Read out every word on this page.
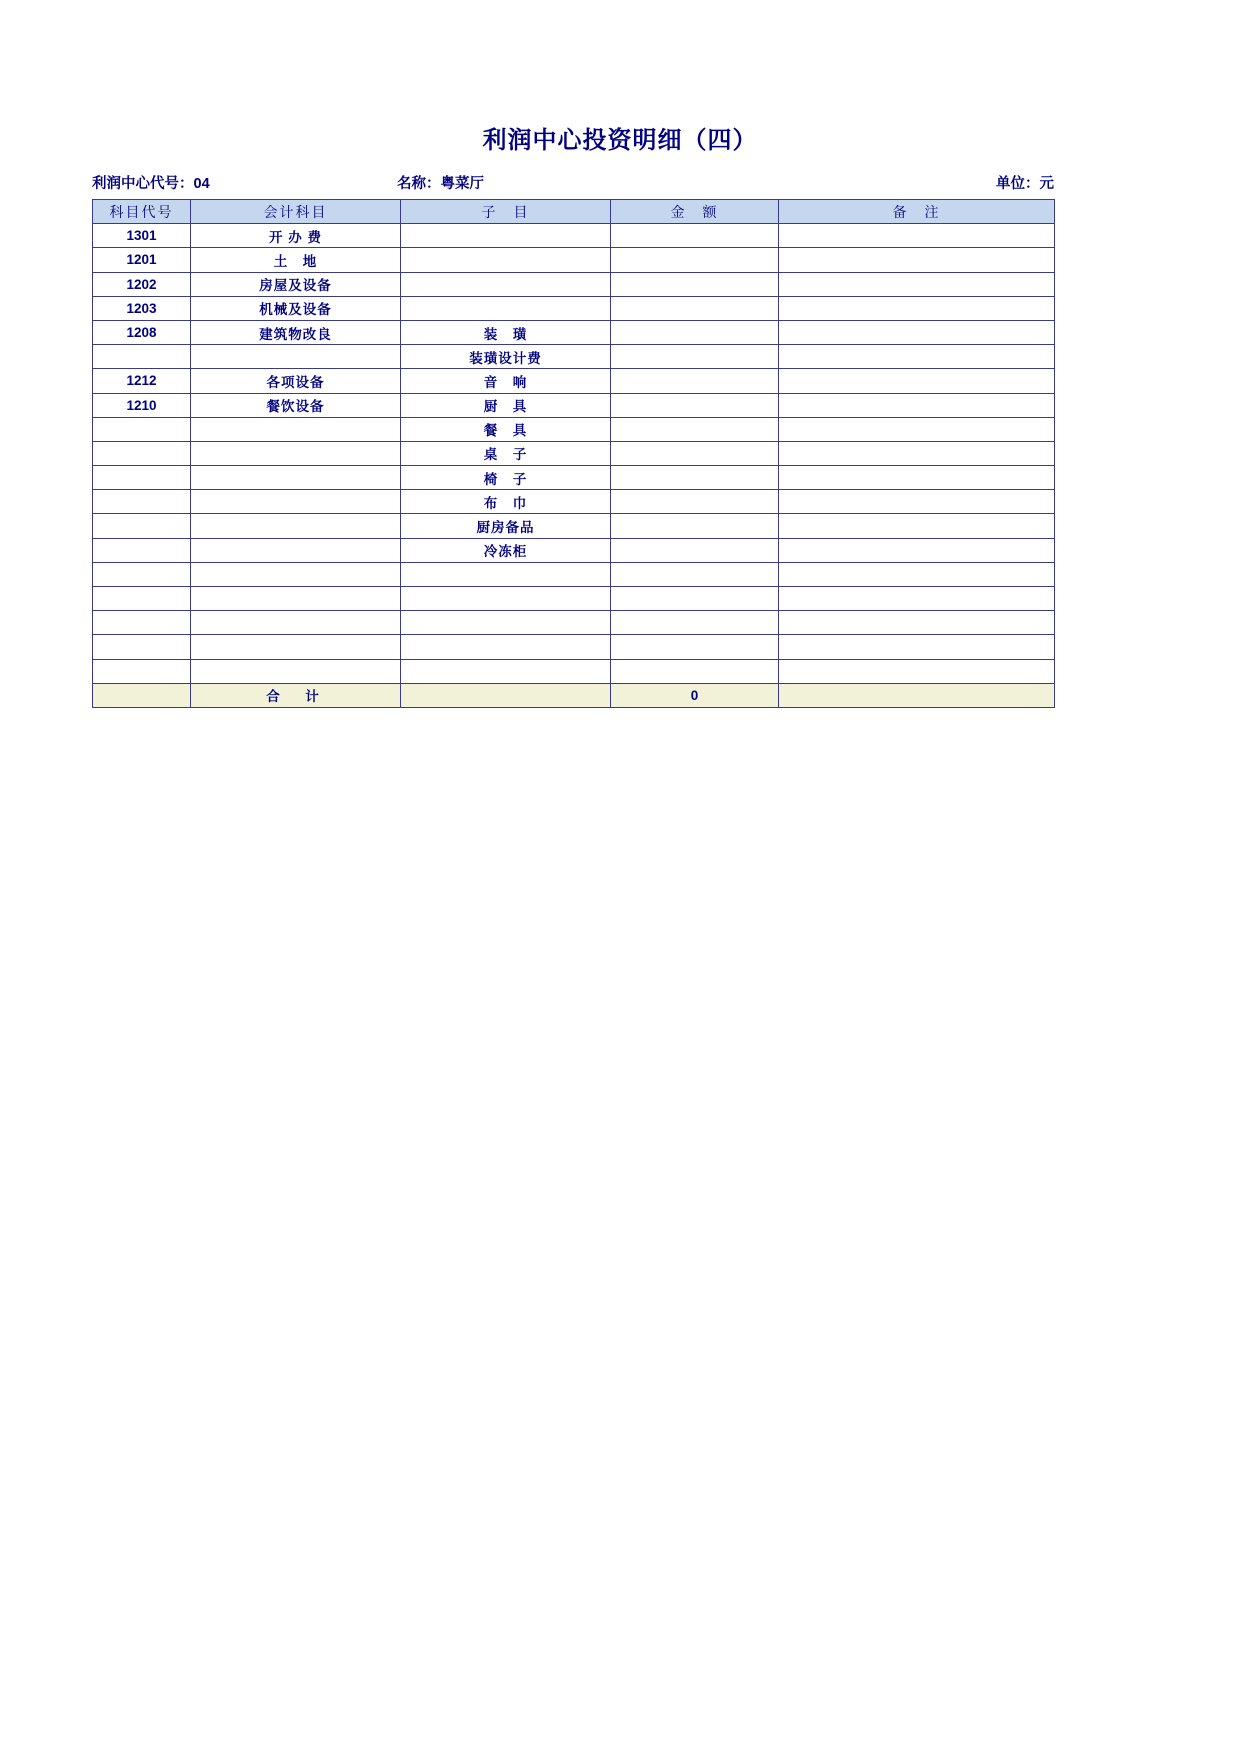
利润中心投资明细（四）
利润中心代号：04	名称：粤菜厅	单位：元
科目代号	会计科目	子　目	金　额	备　注
1301	开 办 费			
1201	土　地			
1202	房屋及设备			
1203	机械及设备			
1208	建筑物改良	装　璜		
		装璜设计费		
1212	各项设备	音　响		
1210	餐饮设备	厨　具		
		餐　具		
		桌　子		
		椅　子		
		布　巾		
		厨房备品		
		冷冻柜		

	合　计		0	
